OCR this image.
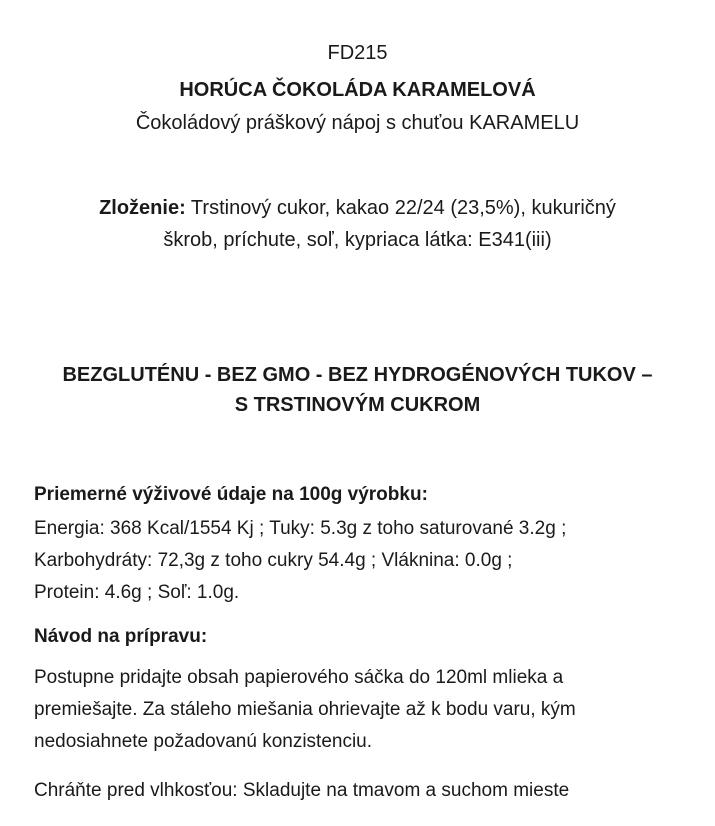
FD215
HORÚCA ČOKOLÁDA KARAMELOVÁ
Čokoládový práškový nápoj s chuťou KARAMELU
Zloženie: Trstinový cukor, kakao 22/24 (23,5%), kukuričný
škrob, príchute, soľ, kypriaca látka: E341(iii)
BEZGLUTÉNU - BEZ GMO - BEZ HYDROGÉNOVÝCH TUKOV –
S TRSTINOVÝM CUKROM
Priemerné výživové údaje na 100g výrobku:
Energia: 368 Kcal/1554 Kj ; Tuky: 5.3g z toho saturované 3.2g ;
Karbohydráty: 72,3g z toho cukry 54.4g ; Vláknina: 0.0g ;
Protein: 4.6g ; Soľ: 1.0g.
Návod na prípravu:
Postupne pridajte obsah papierového sáčka do 120ml mlieka a
premiešajte. Za stáleho miešania ohrievajte až k bodu varu, kým
nedosiahnete požadovanú konzistenciu.
Chráňte pred vlhkosťou: Skladujte na tmavom a suchom mieste
